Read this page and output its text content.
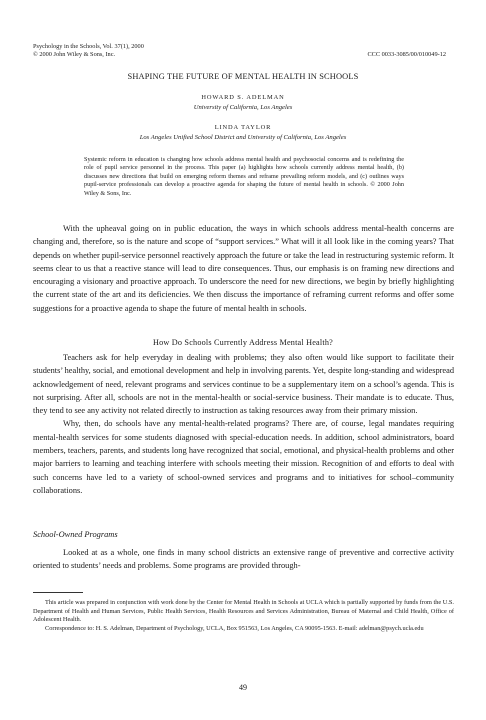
Psychology in the Schools, Vol. 37(1), 2000
© 2000 John Wiley & Sons, Inc.	CCC 0033-3085/00/010049-12
SHAPING THE FUTURE OF MENTAL HEALTH IN SCHOOLS
HOWARD S. ADELMAN
University of California, Los Angeles
LINDA TAYLOR
Los Angeles Unified School District and University of California, Los Angeles
Systemic reform in education is changing how schools address mental health and psychosocial concerns and is redefining the role of pupil service personnel in the process. This paper (a) highlights how schools currently address mental health, (b) discusses new directions that build on emerging reform themes and reframe prevailing reform models, and (c) outlines ways pupil-service professionals can develop a proactive agenda for shaping the future of mental health in schools. © 2000 John Wiley & Sons, Inc.

With the upheaval going on in public education, the ways in which schools address mental-health concerns are changing and, therefore, so is the nature and scope of “support services.” What will it all look like in the coming years? That depends on whether pupil-service personnel reactively approach the future or take the lead in restructuring systemic reform. It seems clear to us that a reactive stance will lead to dire consequences. Thus, our emphasis is on framing new directions and encouraging a visionary and proactive approach. To underscore the need for new directions, we begin by briefly highlighting the current state of the art and its deficiencies. We then discuss the importance of reframing current reforms and offer some suggestions for a proactive agenda to shape the future of mental health in schools.

How Do Schools Currently Address Mental Health?

Teachers ask for help everyday in dealing with problems; they also often would like support to facilitate their students’ healthy, social, and emotional development and help in involving parents. Yet, despite long-standing and widespread acknowledgement of need, relevant programs and services continue to be a supplementary item on a school’s agenda. This is not surprising. After all, schools are not in the mental-health or social-service business. Their mandate is to educate. Thus, they tend to see any activity not related directly to instruction as taking resources away from their primary mission.

Why, then, do schools have any mental-health-related programs? There are, of course, legal mandates requiring mental-health services for some students diagnosed with special-education needs. In addition, school administrators, board members, teachers, parents, and students long have recognized that social, emotional, and physical-health problems and other major barriers to learning and teaching interfere with schools meeting their mission. Recognition of and efforts to deal with such concerns have led to a variety of school-owned services and programs and to initiatives for school–community collaborations.

School-Owned Programs

Looked at as a whole, one finds in many school districts an extensive range of preventive and corrective activity oriented to students’ needs and problems. Some programs are provided through-

This article was prepared in conjunction with work done by the Center for Mental Health in Schools at UCLA which is partially supported by funds from the U.S. Department of Health and Human Services, Public Health Services, Health Resources and Services Administration, Bureau of Maternal and Child Health, Office of Adolescent Health.

Correspondence to: H. S. Adelman, Department of Psychology, UCLA, Box 951563, Los Angeles, CA 90095-1563. E-mail: adelman@psych.ucla.edu

49
